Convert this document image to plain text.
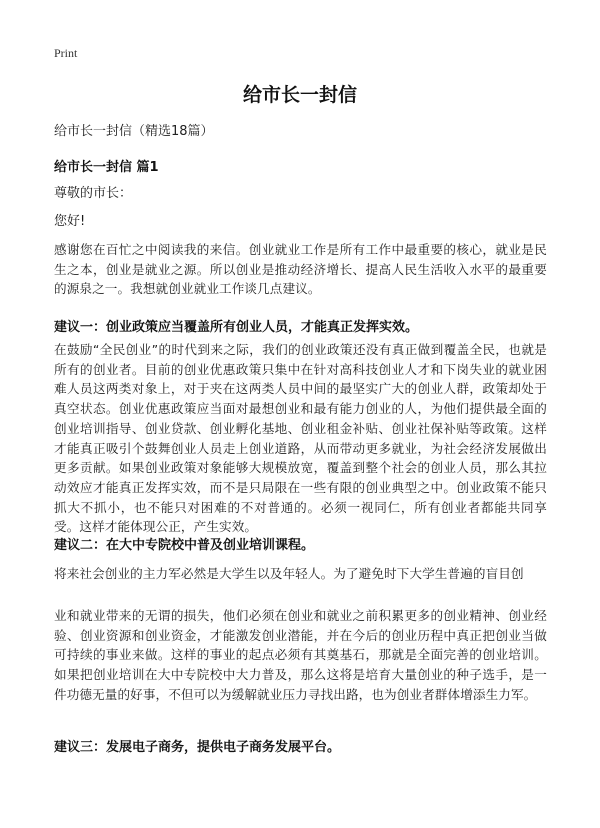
Print
给市长一封信
给市长一封信（精选18篇）
给市长一封信 篇1
尊敬的市长：
您好!
感谢您在百忙之中阅读我的来信。创业就业工作是所有工作中最重要的核心，就业是民生之本，创业是就业之源。所以创业是推动经济增长、提高人民生活收入水平的最重要的源泉之一。我想就创业就业工作谈几点建议。
建议一：创业政策应当覆盖所有创业人员，才能真正发挥实效。
在鼓励“全民创业”的时代到来之际，我们的创业政策还没有真正做到覆盖全民，也就是所有的创业者。目前的创业优惠政策只集中在针对高科技创业人才和下岗失业的就业困难人员这两类对象上，对于夹在这两类人员中间的最坚实广大的创业人群，政策却处于真空状态。创业优惠政策应当面对最想创业和最有能力创业的人，为他们提供最全面的创业培训指导、创业贷款、创业孵化基地、创业租金补贴、创业社保补贴等政策。这样才能真正吸引个鼓舞创业人员走上创业道路，从而带动更多就业，为社会经济发展做出更多贡献。如果创业政策对象能够大规模放宽，覆盖到整个社会的创业人员，那么其拉动效应才能真正发挥实效，而不是只局限在一些有限的创业典型之中。创业政策不能只抓大不抓小，也不能只对困难的不对普通的。必须一视同仁，所有创业者都能共同享受。这样才能体现公正，产生实效。
建议二：在大中专院校中普及创业培训课程。
将来社会创业的主力军必然是大学生以及年轻人。为了避免时下大学生普遍的盲目创
业和就业带来的无谓的损失，他们必须在创业和就业之前积累更多的创业精神、创业经验、创业资源和创业资金，才能激发创业潜能，并在今后的创业历程中真正把创业当做可持续的事业来做。这样的事业的起点必须有其奠基石，那就是全面完善的创业培训。如果把创业培训在大中专院校中大力普及，那么这将是培育大量创业的种子选手，是一件功德无量的好事，不但可以为缓解就业压力寻找出路，也为创业者群体增添生力军。
建议三：发展电子商务，提供电子商务发展平台。
